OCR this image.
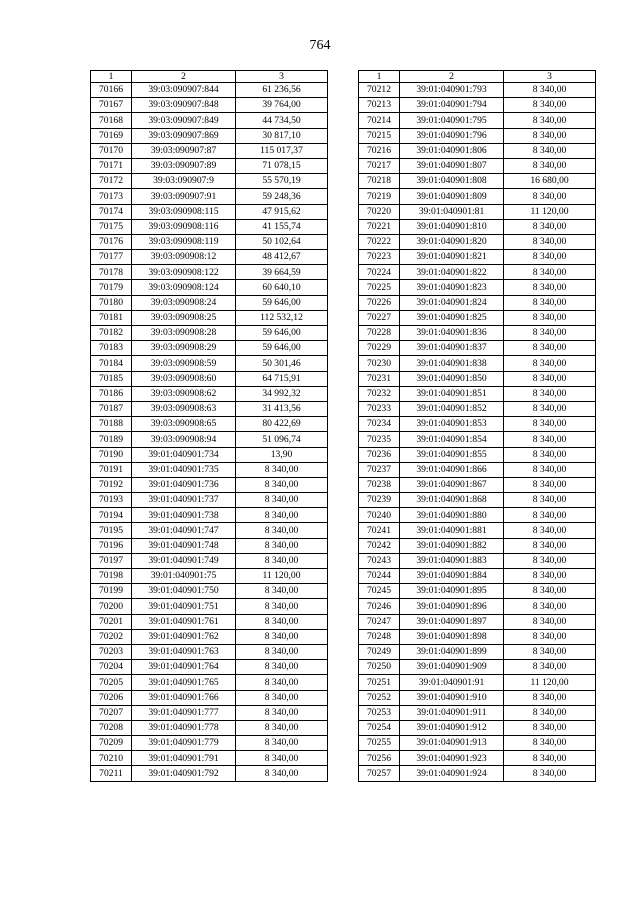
764
1	2	3
70166	39:03:090907:844	61 236,56
70167	39:03:090907:848	39 764,00
70168	39:03:090907:849	44 734,50
70169	39:03:090907:869	30 817,10
70170	39:03:090907:87	115 017,37
70171	39:03:090907:89	71 078,15
70172	39:03:090907:9	55 570,19
70173	39:03:090907:91	59 248,36
70174	39:03:090908:115	47 915,62
70175	39:03:090908:116	41 155,74
70176	39:03:090908:119	50 102,64
70177	39:03:090908:12	48 412,67
70178	39:03:090908:122	39 664,59
70179	39:03:090908:124	60 640,10
70180	39:03:090908:24	59 646,00
70181	39:03:090908:25	112 532,12
70182	39:03:090908:28	59 646,00
70183	39:03:090908:29	59 646,00
70184	39:03:090908:59	50 301,46
70185	39:03:090908:60	64 715,91
70186	39:03:090908:62	34 992,32
70187	39:03:090908:63	31 413,56
70188	39:03:090908:65	80 422,69
70189	39:03:090908:94	51 096,74
70190	39:01:040901:734	13,90
70191	39:01:040901:735	8 340,00
70192	39:01:040901:736	8 340,00
70193	39:01:040901:737	8 340,00
70194	39:01:040901:738	8 340,00
70195	39:01:040901:747	8 340,00
70196	39:01:040901:748	8 340,00
70197	39:01:040901:749	8 340,00
70198	39:01:040901:75	11 120,00
70199	39:01:040901:750	8 340,00
70200	39:01:040901:751	8 340,00
70201	39:01:040901:761	8 340,00
70202	39:01:040901:762	8 340,00
70203	39:01:040901:763	8 340,00
70204	39:01:040901:764	8 340,00
70205	39:01:040901:765	8 340,00
70206	39:01:040901:766	8 340,00
70207	39:01:040901:777	8 340,00
70208	39:01:040901:778	8 340,00
70209	39:01:040901:779	8 340,00
70210	39:01:040901:791	8 340,00
70211	39:01:040901:792	8 340,00
1	2	3
70212	39:01:040901:793	8 340,00
70213	39:01:040901:794	8 340,00
70214	39:01:040901:795	8 340,00
70215	39:01:040901:796	8 340,00
70216	39:01:040901:806	8 340,00
70217	39:01:040901:807	8 340,00
70218	39:01:040901:808	16 680,00
70219	39:01:040901:809	8 340,00
70220	39:01:040901:81	11 120,00
70221	39:01:040901:810	8 340,00
70222	39:01:040901:820	8 340,00
70223	39:01:040901:821	8 340,00
70224	39:01:040901:822	8 340,00
70225	39:01:040901:823	8 340,00
70226	39:01:040901:824	8 340,00
70227	39:01:040901:825	8 340,00
70228	39:01:040901:836	8 340,00
70229	39:01:040901:837	8 340,00
70230	39:01:040901:838	8 340,00
70231	39:01:040901:850	8 340,00
70232	39:01:040901:851	8 340,00
70233	39:01:040901:852	8 340,00
70234	39:01:040901:853	8 340,00
70235	39:01:040901:854	8 340,00
70236	39:01:040901:855	8 340,00
70237	39:01:040901:866	8 340,00
70238	39:01:040901:867	8 340,00
70239	39:01:040901:868	8 340,00
70240	39:01:040901:880	8 340,00
70241	39:01:040901:881	8 340,00
70242	39:01:040901:882	8 340,00
70243	39:01:040901:883	8 340,00
70244	39:01:040901:884	8 340,00
70245	39:01:040901:895	8 340,00
70246	39:01:040901:896	8 340,00
70247	39:01:040901:897	8 340,00
70248	39:01:040901:898	8 340,00
70249	39:01:040901:899	8 340,00
70250	39:01:040901:909	8 340,00
70251	39:01:040901:91	11 120,00
70252	39:01:040901:910	8 340,00
70253	39:01:040901:911	8 340,00
70254	39:01:040901:912	8 340,00
70255	39:01:040901:913	8 340,00
70256	39:01:040901:923	8 340,00
70257	39:01:040901:924	8 340,00
